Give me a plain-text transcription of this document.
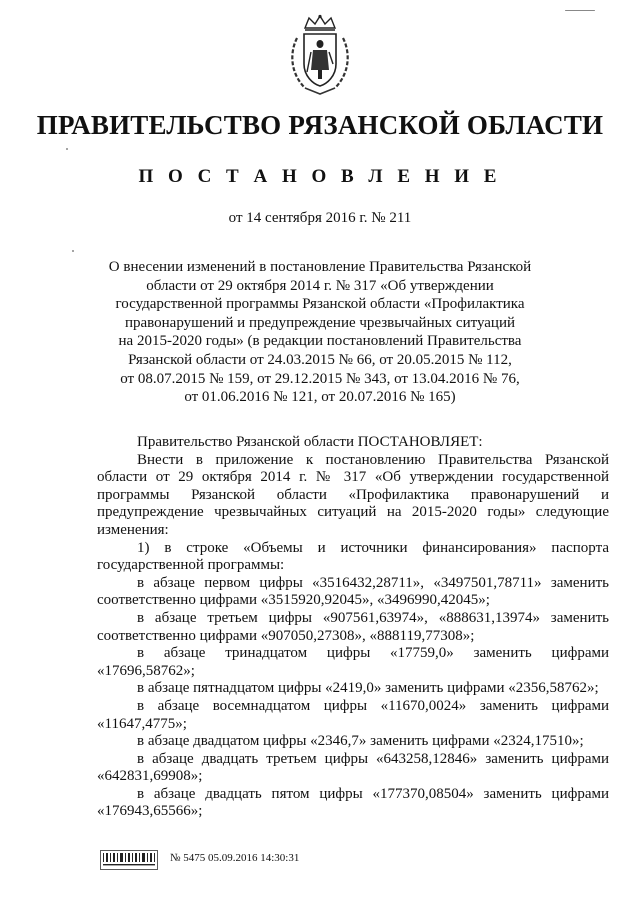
ПРАВИТЕЛЬСТВО РЯЗАНСКОЙ ОБЛАСТИ
П О С Т А Н О В Л Е Н И Е
от 14 сентября 2016 г. № 211
О внесении изменений в постановление Правительства Рязанской
области от 29 октября 2014 г. № 317 «Об утверждении
государственной программы Рязанской области «Профилактика
правонарушений и предупреждение чрезвычайных ситуаций
на 2015-2020 годы» (в редакции постановлений Правительства
Рязанской области от 24.03.2015 № 66, от 20.05.2015 № 112,
от 08.07.2015 № 159, от 29.12.2015 № 343, от 13.04.2016 № 76,
от 01.06.2016 № 121, от 20.07.2016 № 165)

Правительство Рязанской области ПОСТАНОВЛЯЕТ:

Внести в приложение к постановлению Правительства Рязанской

области от 29 октября 2014 г. № 317 «Об утверждении государственной

программы Рязанской области «Профилактика правонарушений и

предупреждение чрезвычайных ситуаций на 2015-2020 годы» следующие

изменения:

1) в строке «Объемы и источники финансирования» паспорта

государственной программы:

в абзаце первом цифры «3516432,28711», «3497501,78711» заменить

соответственно цифрами «3515920,92045», «3496990,42045»;

в абзаце третьем цифры «907561,63974», «888631,13974» заменить

соответственно цифрами «907050,27308», «888119,77308»;

в абзаце тринадцатом цифры «17759,0» заменить цифрами

«17696,58762»;

в абзаце пятнадцатом цифры «2419,0» заменить цифрами «2356,58762»;

в абзаце восемнадцатом цифры «11670,0024» заменить цифрами

«11647,4775»;

в абзаце двадцатом цифры «2346,7» заменить цифрами «2324,17510»;

в абзаце двадцать третьем цифры «643258,12846» заменить цифрами

«642831,69908»;

в абзаце двадцать пятом цифры «177370,08504» заменить цифрами

«176943,65566»;

№ 5475 05.09.2016 14:30:31
